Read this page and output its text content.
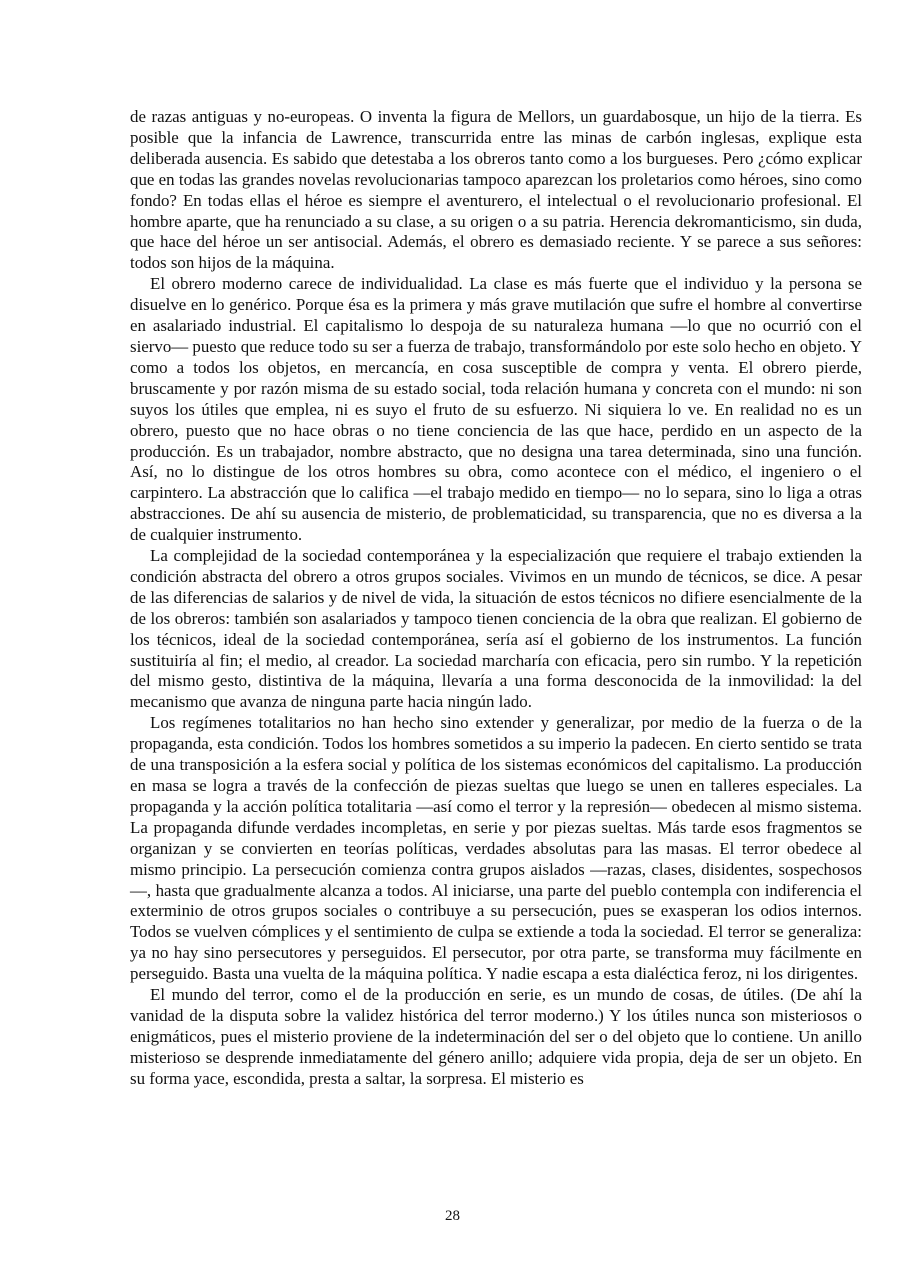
de razas antiguas y no-europeas. O inventa la figura de Mellors, un guardabosque, un hijo de la tierra. Es posible que la infancia de Lawrence, transcurrida entre las minas de carbón inglesas, explique esta deliberada ausencia. Es sabido que detestaba a los obreros tanto como a los burgueses. Pero ¿cómo explicar que en todas las grandes novelas revolucionarias tampoco aparezcan los proletarios como héroes, sino como fondo? En todas ellas el héroe es siempre el aventurero, el intelectual o el revolucionario profesional. El hombre aparte, que ha renunciado a su clase, a su origen o a su patria. Herencia dekromanticismo, sin duda, que hace del héroe un ser antisocial. Además, el obrero es demasiado reciente. Y se parece a sus señores: todos son hijos de la máquina.

El obrero moderno carece de individualidad. La clase es más fuerte que el individuo y la persona se disuelve en lo genérico. Porque ésa es la primera y más grave mutilación que sufre el hombre al convertirse en asalariado industrial. El capitalismo lo despoja de su naturaleza humana —lo que no ocurrió con el siervo— puesto que reduce todo su ser a fuerza de trabajo, transformándolo por este solo hecho en objeto. Y como a todos los objetos, en mercancía, en cosa susceptible de compra y venta. El obrero pierde, bruscamente y por razón misma de su estado social, toda relación humana y concreta con el mundo: ni son suyos los útiles que emplea, ni es suyo el fruto de su esfuerzo. Ni siquiera lo ve. En realidad no es un obrero, puesto que no hace obras o no tiene conciencia de las que hace, perdido en un aspecto de la producción. Es un trabajador, nombre abstracto, que no designa una tarea determinada, sino una función. Así, no lo distingue de los otros hombres su obra, como acontece con el médico, el ingeniero o el carpintero. La abstracción que lo califica —el trabajo medido en tiempo— no lo separa, sino lo liga a otras abstracciones. De ahí su ausencia de misterio, de problematicidad, su transparencia, que no es diversa a la de cualquier instrumento.

La complejidad de la sociedad contemporánea y la especialización que requiere el trabajo extienden la condición abstracta del obrero a otros grupos sociales. Vivimos en un mundo de técnicos, se dice. A pesar de las diferencias de salarios y de nivel de vida, la situación de estos técnicos no difiere esencialmente de la de los obreros: también son asalariados y tampoco tienen conciencia de la obra que realizan. El gobierno de los técnicos, ideal de la sociedad contemporánea, sería así el gobierno de los instrumentos. La función sustituiría al fin; el medio, al creador. La sociedad marcharía con eficacia, pero sin rumbo. Y la repetición del mismo gesto, distintiva de la máquina, llevaría a una forma desconocida de la inmovilidad: la del mecanismo que avanza de ninguna parte hacia ningún lado.

Los regímenes totalitarios no han hecho sino extender y generalizar, por medio de la fuerza o de la propaganda, esta condición. Todos los hombres sometidos a su imperio la padecen. En cierto sentido se trata de una transposición a la esfera social y política de los sistemas económicos del capitalismo. La producción en masa se logra a través de la confección de piezas sueltas que luego se unen en talleres especiales. La propaganda y la acción política totalitaria —así como el terror y la represión— obedecen al mismo sistema. La propaganda difunde verdades incompletas, en serie y por piezas sueltas. Más tarde esos fragmentos se organizan y se convierten en teorías políticas, verdades absolutas para las masas. El terror obedece al mismo principio. La persecución comienza contra grupos aislados —razas, clases, disidentes, sospechosos—, hasta que gradualmente alcanza a todos. Al iniciarse, una parte del pueblo contempla con indiferencia el exterminio de otros grupos sociales o contribuye a su persecución, pues se exasperan los odios internos. Todos se vuelven cómplices y el sentimiento de culpa se extiende a toda la sociedad. El terror se generaliza: ya no hay sino persecutores y perseguidos. El persecutor, por otra parte, se transforma muy fácilmente en perseguido. Basta una vuelta de la máquina política. Y nadie escapa a esta dialéctica feroz, ni los dirigentes.

El mundo del terror, como el de la producción en serie, es un mundo de cosas, de útiles. (De ahí la vanidad de la disputa sobre la validez histórica del terror moderno.) Y los útiles nunca son misteriosos o enigmáticos, pues el misterio proviene de la indeterminación del ser o del objeto que lo contiene. Un anillo misterioso se desprende inmediatamente del género anillo; adquiere vida propia, deja de ser un objeto. En su forma yace, escondida, presta a saltar, la sorpresa. El misterio es

28
